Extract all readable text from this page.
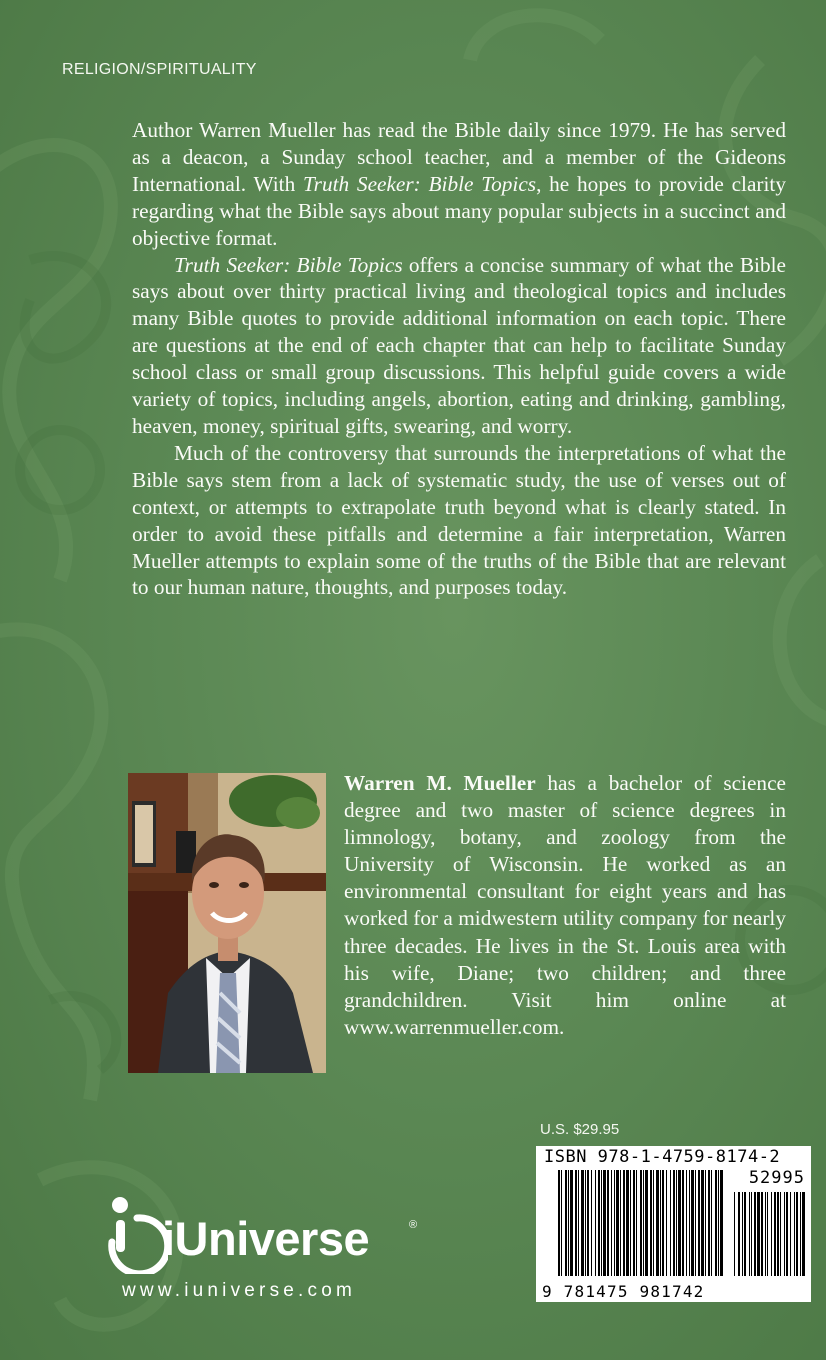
RELIGION/SPIRITUALITY

Author Warren Mueller has read the Bible daily since 1979. He has served as a deacon, a Sunday school teacher, and a member of the Gideons International. With Truth Seeker: Bible Topics, he hopes to provide clarity regarding what the Bible says about many popular subjects in a succinct and objective format.

Truth Seeker: Bible Topics offers a concise summary of what the Bible says about over thirty practical living and theological topics and includes many Bible quotes to provide additional information on each topic. There are questions at the end of each chapter that can help to facilitate Sunday school class or small group discussions. This helpful guide covers a wide variety of topics, including angels, abortion, eating and drinking, gambling, heaven, money, spiritual gifts, swearing, and worry.

Much of the controversy that surrounds the interpretations of what the Bible says stem from a lack of systematic study, the use of verses out of context, or attempts to extrapolate truth beyond what is clearly stated. In order to avoid these pitfalls and determine a fair interpretation, Warren Mueller attempts to explain some of the truths of the Bible that are relevant to our human nature, thoughts, and purposes today.

Warren M. Mueller has a bachelor of science degree and two master of science degrees in limnology, botany, and zoology from the University of Wisconsin. He worked as an environmental consultant for eight years and has worked for a midwestern utility company for nearly three decades. He lives in the St. Louis area with his wife, Diane; two children; and three grandchildren. Visit him online at www.warrenmueller.com.

U.S. $29.95
ISBN 978-1-4759-8174-2
52995
9 781475 981742
iUniverse	®
www.iuniverse.com
